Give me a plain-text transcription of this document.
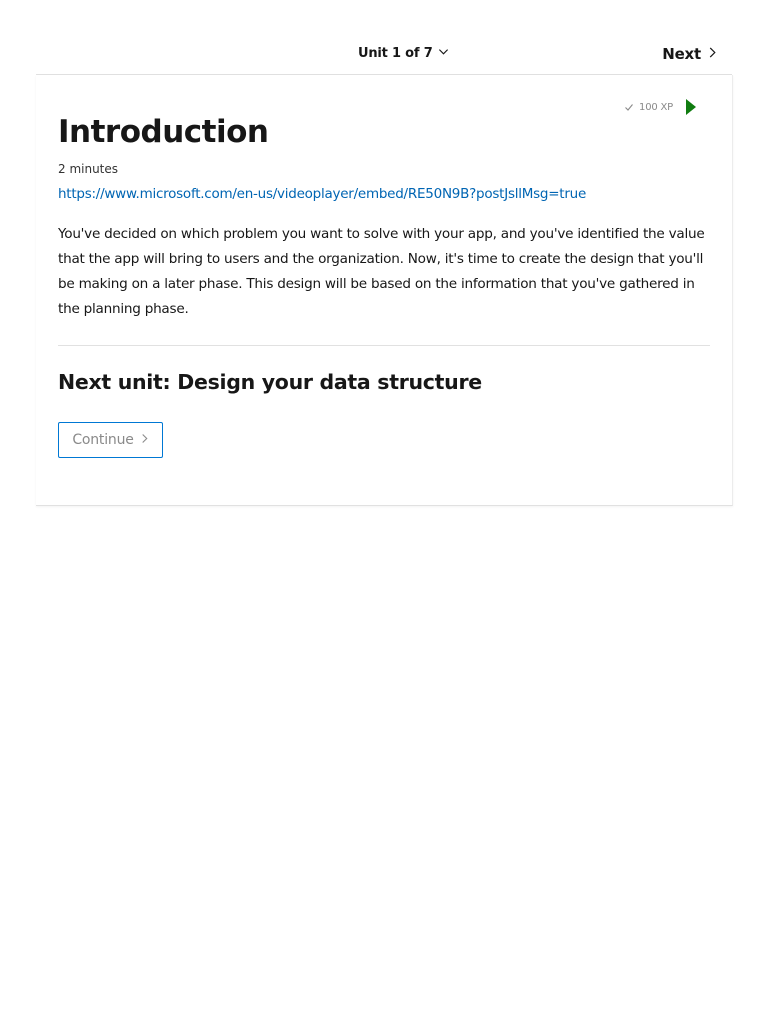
Unit 1 of 7	Next
100 XP
Introduction
2 minutes
https://www.microsoft.com/en-us/videoplayer/embed/RE50N9B?postJsllMsg=true

You've decided on which problem you want to solve with your app, and you've identified the value that the app will bring to users and the organization. Now, it's time to create the design that you'll be making on a later phase. This design will be based on the information that you've gathered in the planning phase.

Next unit: Design your data structure
Continue
